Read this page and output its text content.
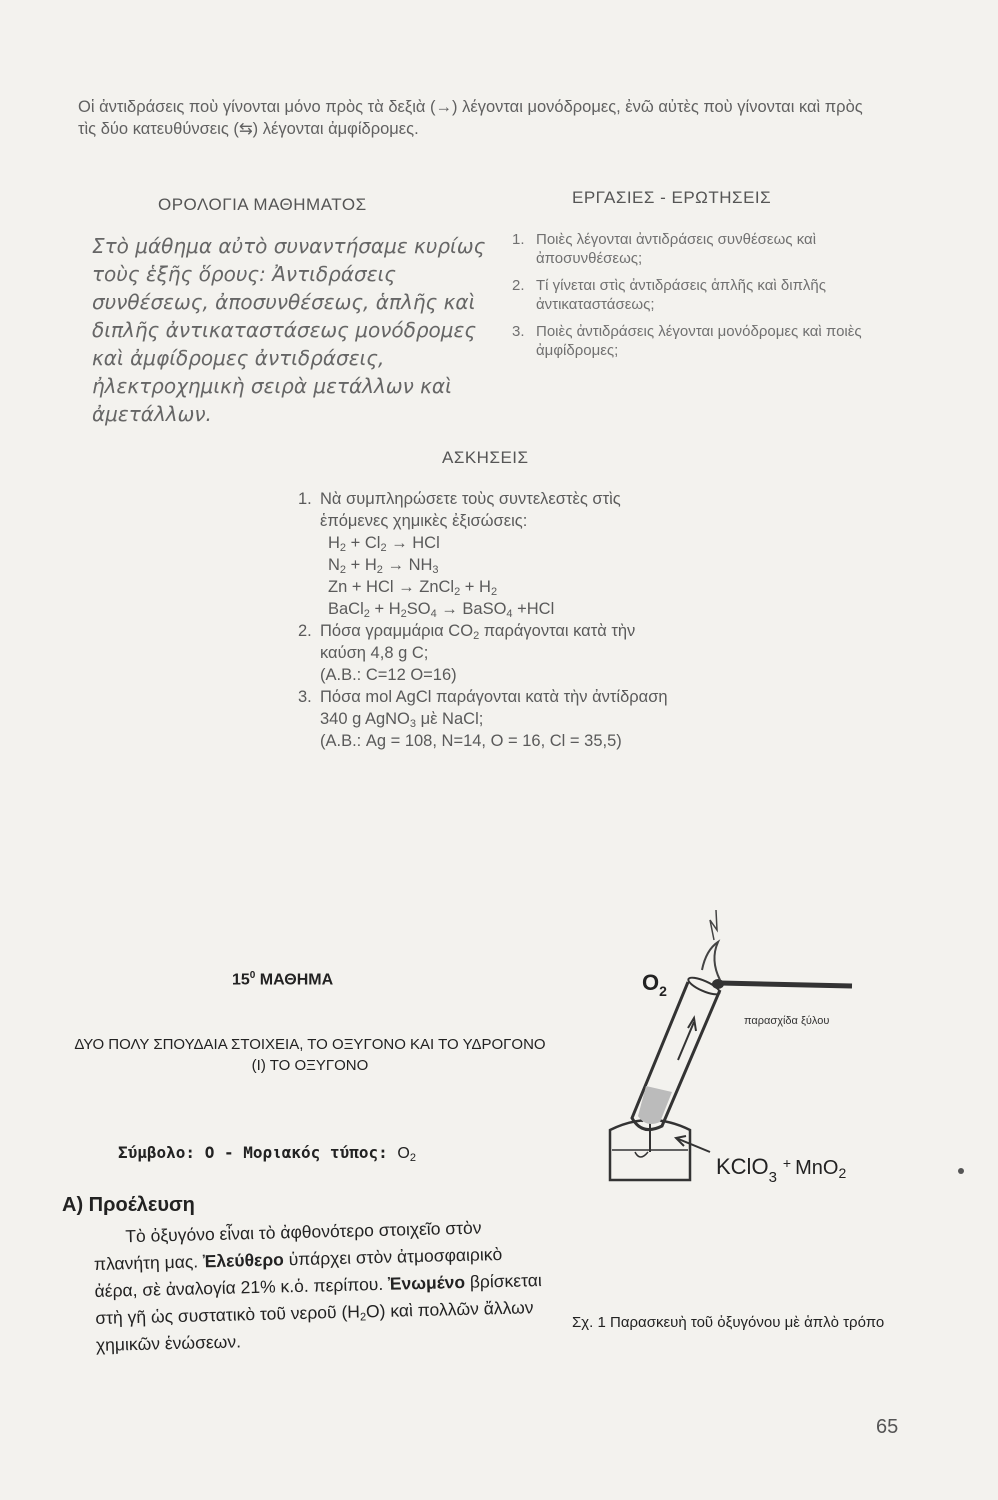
Οἱ ἀντιδράσεις ποὺ γίνονται μόνο πρὸς τὰ δεξιὰ (→) λέγονται μονόδρομες, ἐνῶ αὐτὲς ποὺ γίνονται καὶ πρὸς τὶς δύο κατευθύνσεις (⇆) λέγονται ἀμφίδρομες.
ΟΡΟΛΟΓΙΑ ΜΑΘΗΜΑΤΟΣ
Στὸ μάθημα αὐτὸ συναντήσαμε κυρίως τοὺς ἑξῆς ὅρους: Ἀντιδράσεις συνθέσεως, ἀποσυνθέσεως, ἁπλῆς καὶ διπλῆς ἀντικαταστάσεως μονόδρομες καὶ ἀμφίδρομες ἀντιδράσεις, ἠλεκτροχημικὴ σειρὰ μετάλλων καὶ ἀμετάλλων.
ΕΡΓΑΣΙΕΣ - ΕΡΩΤΗΣΕΙΣ
1. Ποιὲς λέγονται ἀντιδράσεις συνθέσεως καὶ ἀποσυνθέσεως;
2. Τί γίνεται στὶς ἀντιδράσεις ἁπλῆς καὶ διπλῆς ἀντικαταστάσεως;
3. Ποιὲς ἀντιδράσεις λέγονται μονόδρομες καὶ ποιὲς ἀμφίδρομες;
ΑΣΚΗΣΕΙΣ
1. Νὰ συμπληρώσετε τοὺς συντελεστὲς στὶς ἑπόμενες χημικὲς ἐξισώσεις:
$H_2 + Cl_2$ → HCl
$N_2 + H_2 \to NH_3$
Zn + HCl → ZnCl$_2$ + $H_2$
BaCl$_2$ + $H_2SO_4$ → BaSO$_4$ +HCl
2. Πόσα γραμμάρια $CO_2$ παράγονται κατὰ τὴν καύση 4,8 g C;
(Α.Β.: C=12 O=16)
3. Πόσα mol AgCl παράγονται κατὰ τὴν ἀντίδραση 340 g AgNO$_3$ μὲ NaCl;
(Α.Β.: Ag = 108, N=14, O = 16, Cl = 35,5)
$15^0$ ΜΑΘΗΜΑ
ΔΥΟ ΠΟΛΥ ΣΠΟΥΔΑΙΑ ΣΤΟΙΧΕΙΑ, ΤΟ ΟΞΥΓΟΝΟ ΚΑΙ ΤΟ ΥΔΡΟΓΟΝΟ
(Ι) ΤΟ ΟΞΥΓΟΝΟ
Σύμβολο: Ο - Μοριακός τύπος: $O_2$
Α) Προέλευση

Τὸ ὀξυγόνο εἶναι τὸ ἀφθονότερο στοιχεῖο στὸν πλανήτη μας. Ἐλεύθερο ὑπάρχει στὸν ἀτμοσφαιρικὸ ἀέρα, σὲ ἀναλογία 21% κ.ὁ. περίπου. Ἐνωμένο βρίσκεται στὴ γῆ ὡς συστατικὸ τοῦ νεροῦ $(H_2O)$ καὶ πολλῶν ἄλλων χημικῶν ἑνώσεων.

$O_2$
παρασχίδα ξύλου
KClO$_3$+ MnO2
Σχ. 1 Παρασκευὴ τοῦ ὀξυγόνου μὲ ἁπλὸ τρόπο
65
